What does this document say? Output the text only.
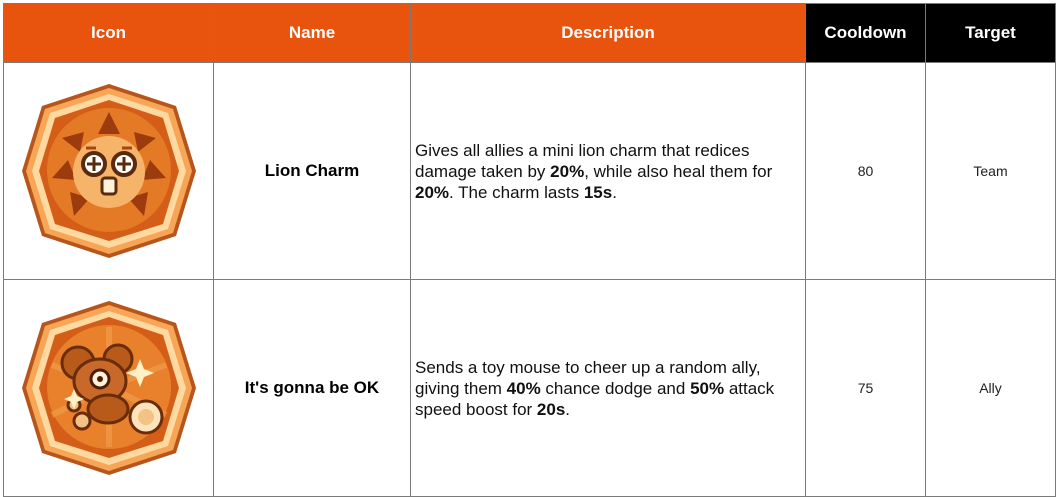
Icon	Name	Description	Cooldown	Target

	Lion Charm	Gives all allies a mini lion charm that redices damage taken by 20%, while also heal them for 20%. The charm lasts 15s.	80	Team

	It's gonna be OK	Sends a toy mouse to cheer up a random ally, giving them 40% chance dodge and 50% attack speed boost for 20s.	75	Ally
